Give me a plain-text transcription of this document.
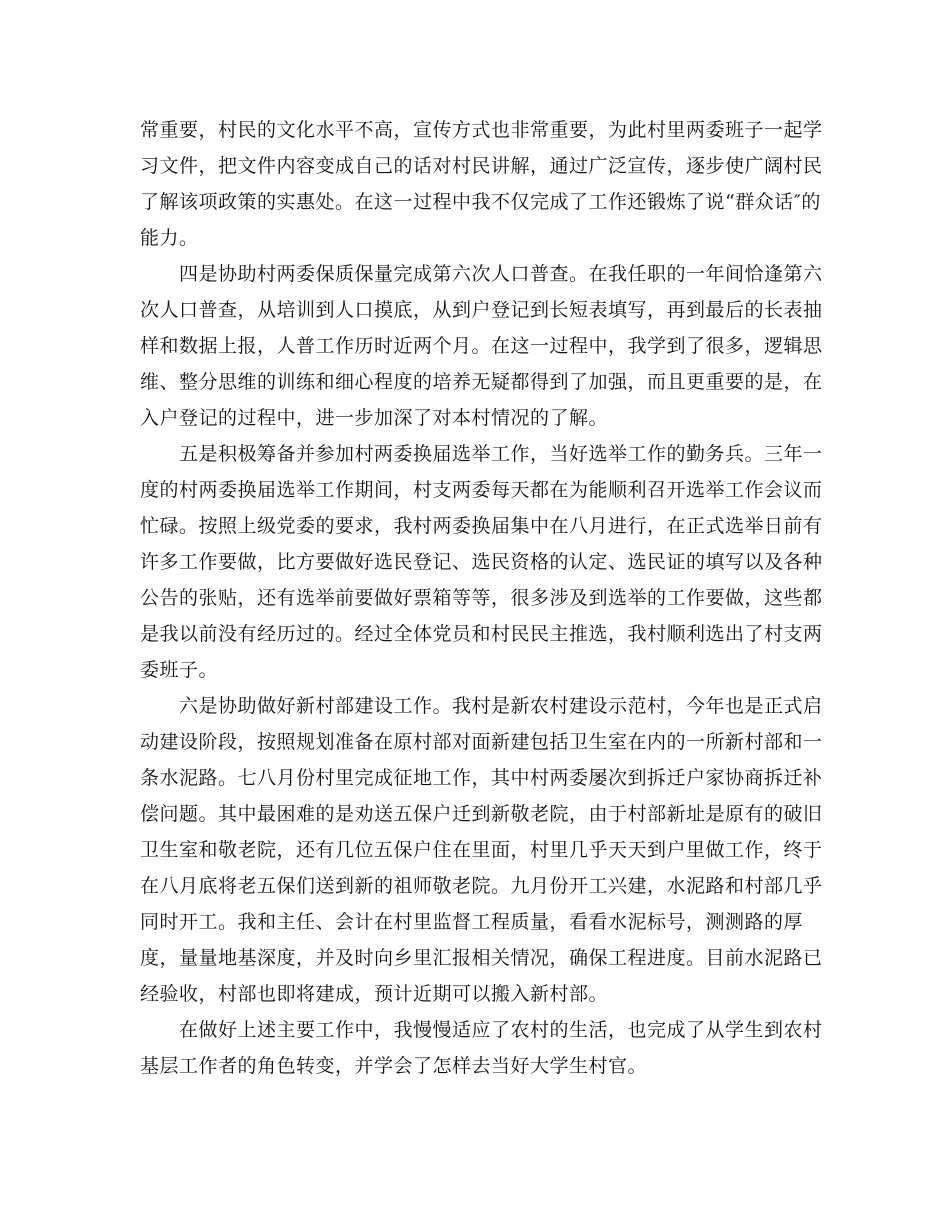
常重要，村民的文化水平不高，宣传方式也非常重要，为此村里两委班子一起学
习文件，把文件内容变成自己的话对村民讲解，通过广泛宣传，逐步使广阔村民
了解该项政策的实惠处。在这一过程中我不仅完成了工作还锻炼了说“群众话″的
能力。
　　四是协助村两委保质保量完成第六次人口普查。在我任职的一年间恰逢第六
次人口普查，从培训到人口摸底，从到户登记到长短表填写，再到最后的长表抽
样和数据上报，人普工作历时近两个月。在这一过程中，我学到了很多，逻辑思
维、整分思维的训练和细心程度的培养无疑都得到了加强，而且更重要的是，在
入户登记的过程中，进一步加深了对本村情况的了解。
　　五是积极筹备并参加村两委换届选举工作，当好选举工作的勤务兵。三年一
度的村两委换届选举工作期间，村支两委每天都在为能顺利召开选举工作会议而
忙碌。按照上级党委的要求，我村两委换届集中在八月进行，在正式选举日前有
许多工作要做，比方要做好选民登记、选民资格的认定、选民证的填写以及各种
公告的张贴，还有选举前要做好票箱等等，很多涉及到选举的工作要做，这些都
是我以前没有经历过的。经过全体党员和村民民主推选，我村顺利选出了村支两
委班子。
　　六是协助做好新村部建设工作。我村是新农村建设示范村，今年也是正式启
动建设阶段，按照规划准备在原村部对面新建包括卫生室在内的一所新村部和一
条水泥路。七八月份村里完成征地工作，其中村两委屡次到拆迁户家协商拆迁补
偿问题。其中最困难的是劝送五保户迁到新敬老院，由于村部新址是原有的破旧
卫生室和敬老院，还有几位五保户住在里面，村里几乎天天到户里做工作，终于
在八月底将老五保们送到新的祖师敬老院。九月份开工兴建，水泥路和村部几乎
同时开工。我和主任、会计在村里监督工程质量，看看水泥标号，测测路的厚
度，量量地基深度，并及时向乡里汇报相关情况，确保工程进度。目前水泥路已
经验收，村部也即将建成，预计近期可以搬入新村部。
　　在做好上述主要工作中，我慢慢适应了农村的生活，也完成了从学生到农村
基层工作者的角色转变，并学会了怎样去当好大学生村官。
